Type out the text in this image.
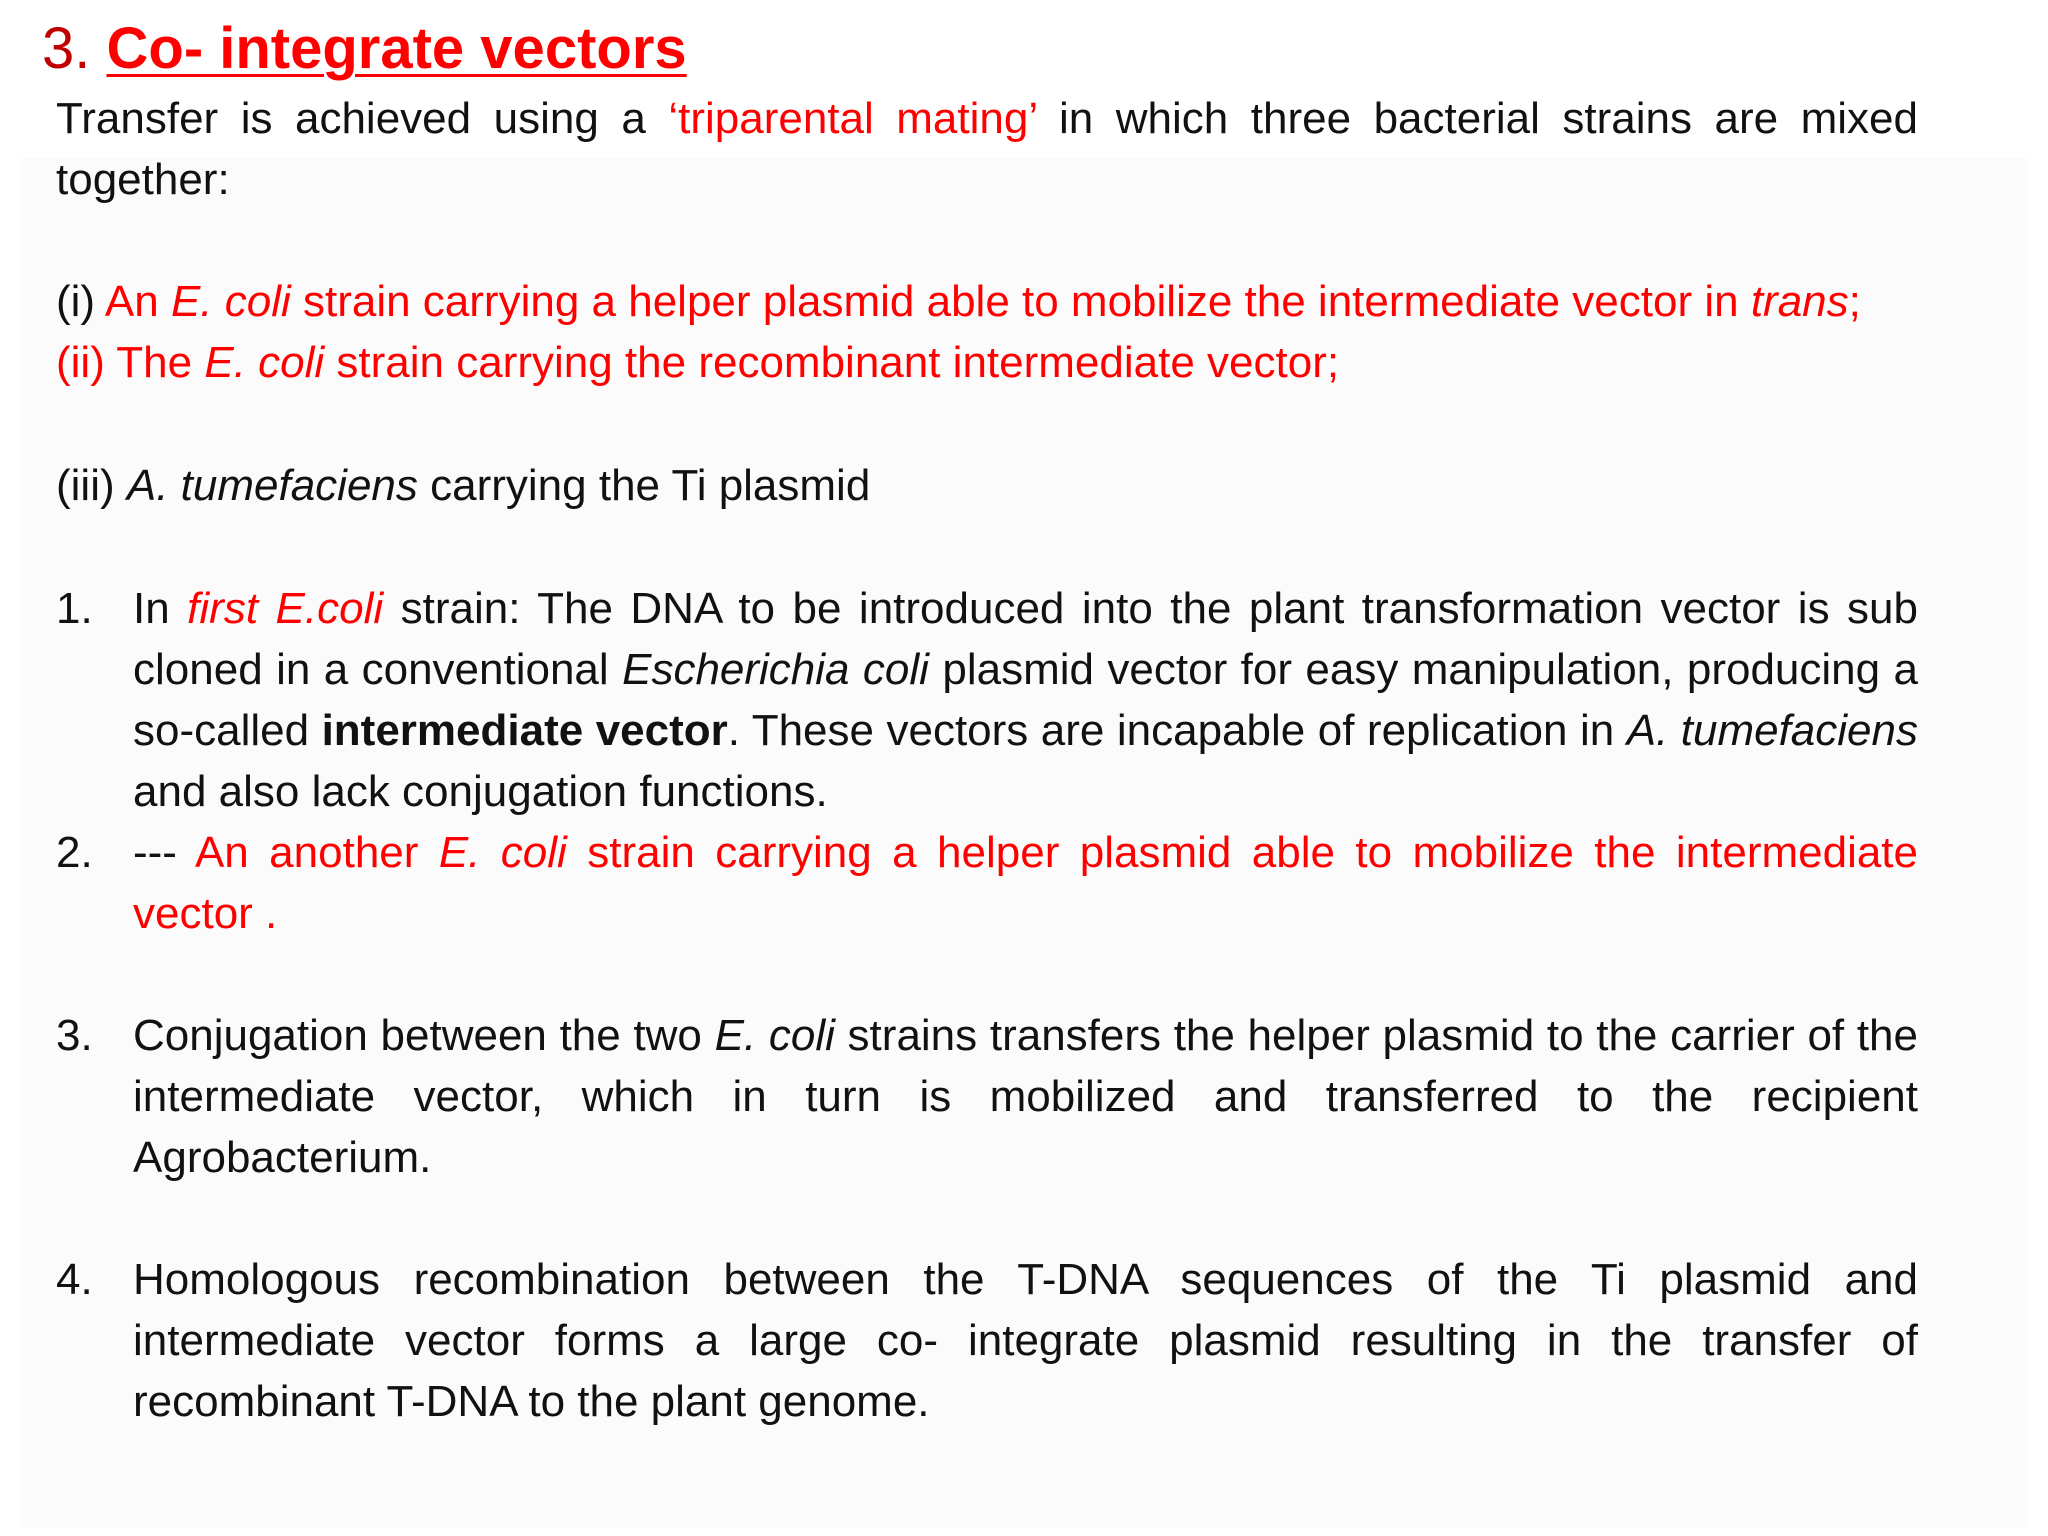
3. Co- integrate vectors

Transfer is achieved using a ‘triparental mating’ in which three bacterial strains are mixed together:

(i) An E. coli strain carrying a helper plasmid able to mobilize the intermediate vector in trans;

(ii) The E. coli strain carrying the recombinant intermediate vector;

(iii) A. tumefaciens carrying the Ti plasmid

1. In first E.coli strain: The DNA to be introduced into the plant transformation vector is sub cloned in a conventional Escherichia coli plasmid vector for easy manipulation, producing a so-called intermediate vector. These vectors are incapable of replication in A. tumefaciens and also lack conjugation functions.

2. --- An another E. coli strain carrying a helper plasmid able to mobilize the intermediate vector .

3. Conjugation between the two E. coli strains transfers the helper plasmid to the carrier of the intermediate vector, which in turn is mobilized and transferred to the recipient Agrobacterium.

4. Homologous recombination between the T-DNA sequences of the Ti plasmid and intermediate vector forms a large co- integrate plasmid resulting in the transfer of recombinant T-DNA to the plant genome.
